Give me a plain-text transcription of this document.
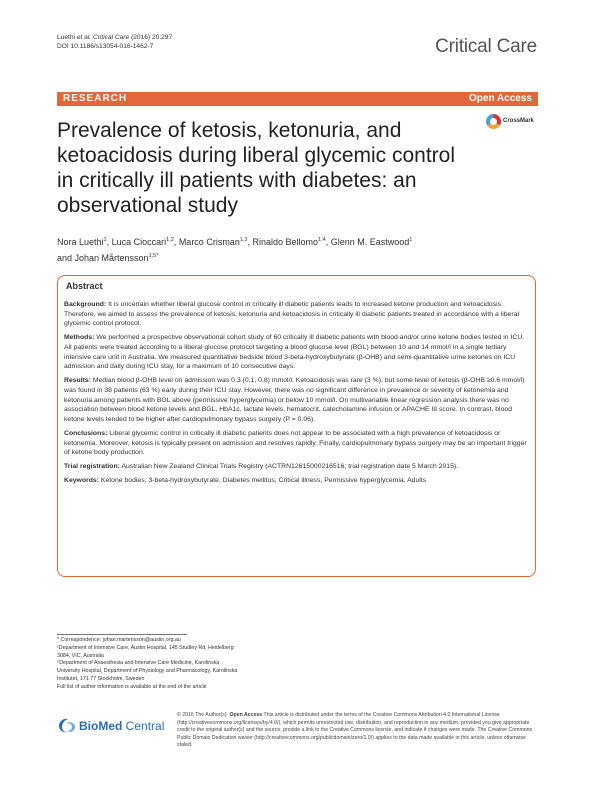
Luethi et al. Critical Care (2016) 20:297
DOI 10.1186/s13054-016-1462-7	Critical Care
RESEARCH	Open Access
Prevalence of ketosis, ketonuria, and ketoacidosis during liberal glycemic control in critically ill patients with diabetes: an observational study
CrossMark
Nora Luethi$^1$, Luca Cioccari$^{1,2}$, Marco Crisman$^{1,3}$, Rinaldo Bellomo$^{1,4}$, Glenn M. Eastwood$^1$
and Johan Mårtensson$^{1,5*}$
Abstract

Background: It is uncertain whether liberal glucose control in critically ill diabetic patients leads to increased ketone production and ketoacidosis. Therefore, we aimed to assess the prevalence of ketosis, ketonuria and ketoacidosis in critically ill diabetic patients treated in accordance with a liberal glycemic control protocol.

Methods: We performed a prospective observational cohort study of 60 critically ill diabetic patients with blood and/or urine ketone bodies tested in ICU. All patients were treated according to a liberal glucose protocol targeting a blood glucose level (BGL) between 10 and 14 mmol/l in a single tertiary intensive care unit in Australia. We measured quantitative bedside blood 3-beta-hydroxybutyrate (β-OHB) and semi-quantitative urine ketones on ICU admission and daily during ICU stay, for a maximum of 10 consecutive days.

Results: Median blood β-OHB level on admission was 0.3 (0.1, 0.8) mmol/l. Ketoacidosis was rare (3 %), but some level of ketosis (β-OHB ≥0.6 mmol/l) was found in 38 patients (63 %) early during their ICU stay. However, there was no significant difference in prevalence or severity of ketonemia and ketonuria among patients with BGL above (permissive hyperglycemia) or below 10 mmol/l. On multivariable linear regression analysis there was no association between blood ketone levels and BGL, HbA1c, lactate levels, hematocrit, catecholamine infusion or APACHE III score. In contrast, blood ketone levels tended to be higher after cardiopulmonary bypass surgery (P = 0.06).

Conclusions: Liberal glycemic control in critically ill diabetic patients does not appear to be associated with a high prevalence of ketoacidosis or ketonemia. Moreover, ketosis is typically present on admission and resolves rapidly. Finally, cardiopulmonary bypass surgery may be an important trigger of ketone body production.

Trial registration: Australian New Zealand Clinical Trials Registry (ACTRN12615000216516; trial registration date 5 March 2015).

Keywords: Ketone bodies, 3-beta-hydroxybutyrate, Diabetes mellitus, Critical illness, Permissive hyperglycemia, Adults

* Correspondence: johan.martensson@austin.org.au

¹Department of Intensive Care, Austin Hospital, 145 Studley Rd, Heidelberg

3084, VIC, Australia

⁵Department of Anaesthesia and Intensive Care Medicine, Karolinska

University Hospital, Department of Physiology and Pharmacology, Karolinska

Institutet, 171 77 Stockholm, Sweden

Full list of author information is available at the end of the article

BioMed Central
© 2016 The Author(s). Open Access This article is distributed under the terms of the Creative Commons Attribution 4.0 International License (http://creativecommons.org/licenses/by/4.0/), which permits unrestricted use, distribution, and reproduction in any medium, provided you give appropriate credit to the original author(s) and the source, provide a link to the Creative Commons license, and indicate if changes were made. The Creative Commons Public Domain Dedication waiver (http://creativecommons.org/publicdomain/zero/1.0/) applies to the data made available in this article, unless otherwise stated.
